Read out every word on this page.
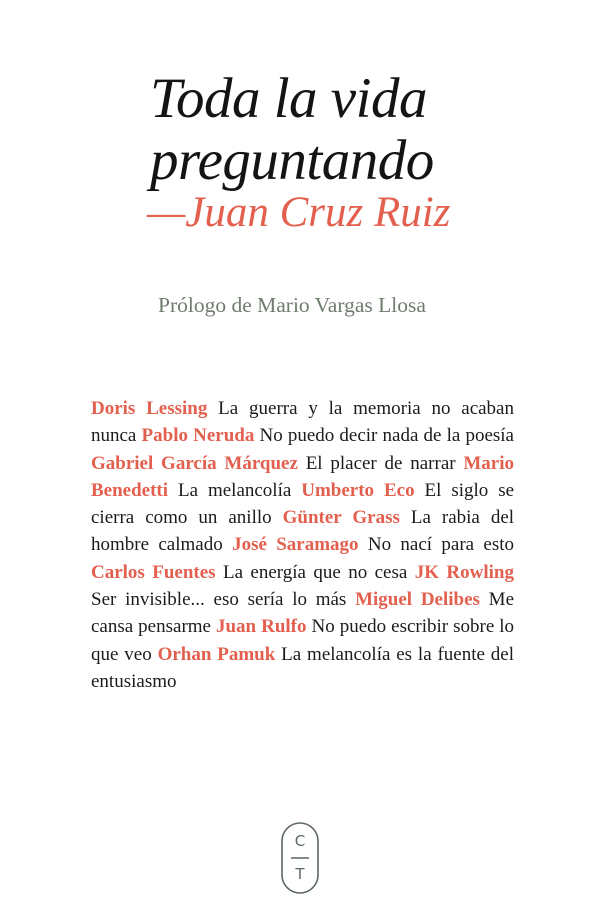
Toda la vida
preguntando

—Juan Cruz Ruiz

Prólogo de Mario Vargas Llosa

Doris Lessing La guerra y la memoria no acaban nunca Pablo Neruda No puedo decir nada de la poesía Gabriel García Márquez El placer de narrar Mario Benedetti La melancolía Umberto Eco El siglo se cierra como un anillo Günter Grass La rabia del hombre calmado José Saramago No nací para esto Carlos Fuentes La energía que no cesa JK Rowling Ser invisible... eso sería lo más Miguel Delibes Me cansa pensarme Juan Rulfo No puedo escribir sobre lo que veo Orhan Pamuk La melancolía es la fuente del entusiasmo

C
T
